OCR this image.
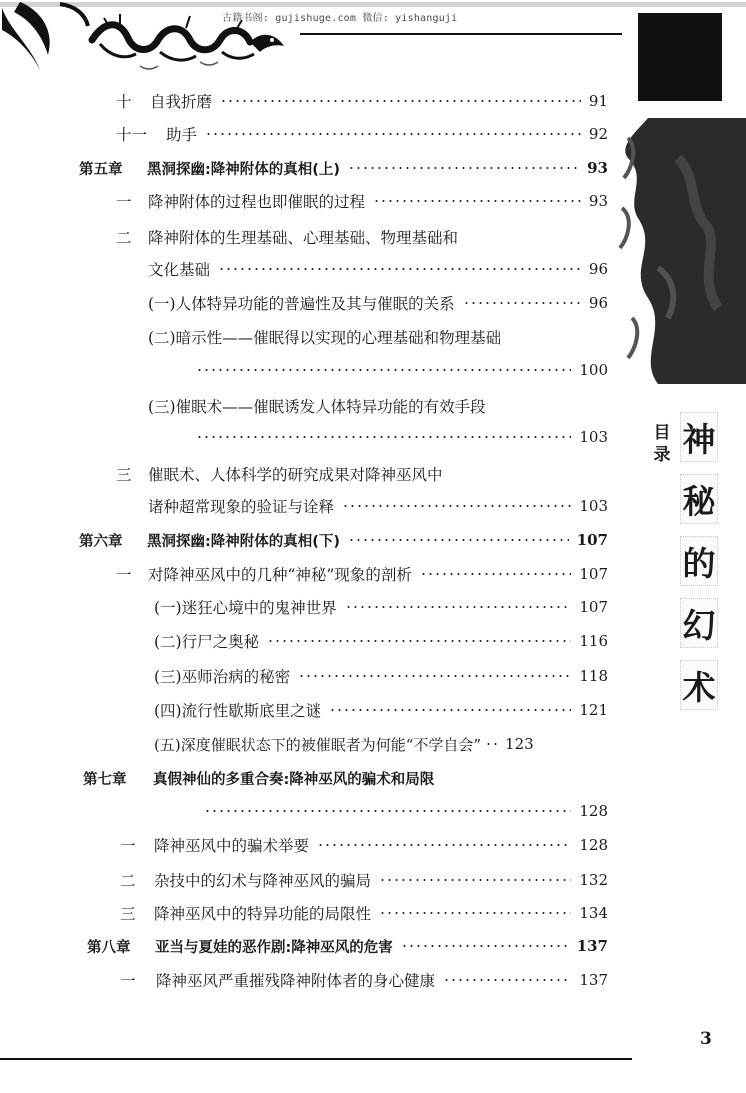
古籍书阁: gujishuge.com 微信: yishanguji
目录 神
秘
的
幻
术
十	自我折磨	91
十一	助手	92
第五章	黑洞探幽:降神附体的真相(上)	93
一	降神附体的过程也即催眠的过程	93
二	降神附体的生理基础、心理基础、物理基础和
文化基础	96
(一)人体特异功能的普遍性及其与催眠的关系	96
(二)暗示性——催眠得以实现的心理基础和物理基础
100
(三)催眠术——催眠诱发人体特异功能的有效手段
103
三	催眠术、人体科学的研究成果对降神巫风中
诸种超常现象的验证与诠释	103
第六章	黑洞探幽:降神附体的真相(下)	107
一	对降神巫风中的几种“神秘”现象的剖析	107
(一)迷狂心境中的鬼神世界	107
(二)行尸之奥秘	116
(三)巫师治病的秘密	118
(四)流行性歇斯底里之谜	121
(五)深度催眠状态下的被催眠者为何能“不学自会” 123
第七章	真假神仙的多重合奏:降神巫风的骗术和局限
128
一	降神巫风中的骗术举要	128
二	杂技中的幻术与降神巫风的骗局	132
三	降神巫风中的特异功能的局限性	134
第八章	亚当与夏娃的恶作剧:降神巫风的危害	137
一	降神巫风严重摧残降神附体者的身心健康	137
3
